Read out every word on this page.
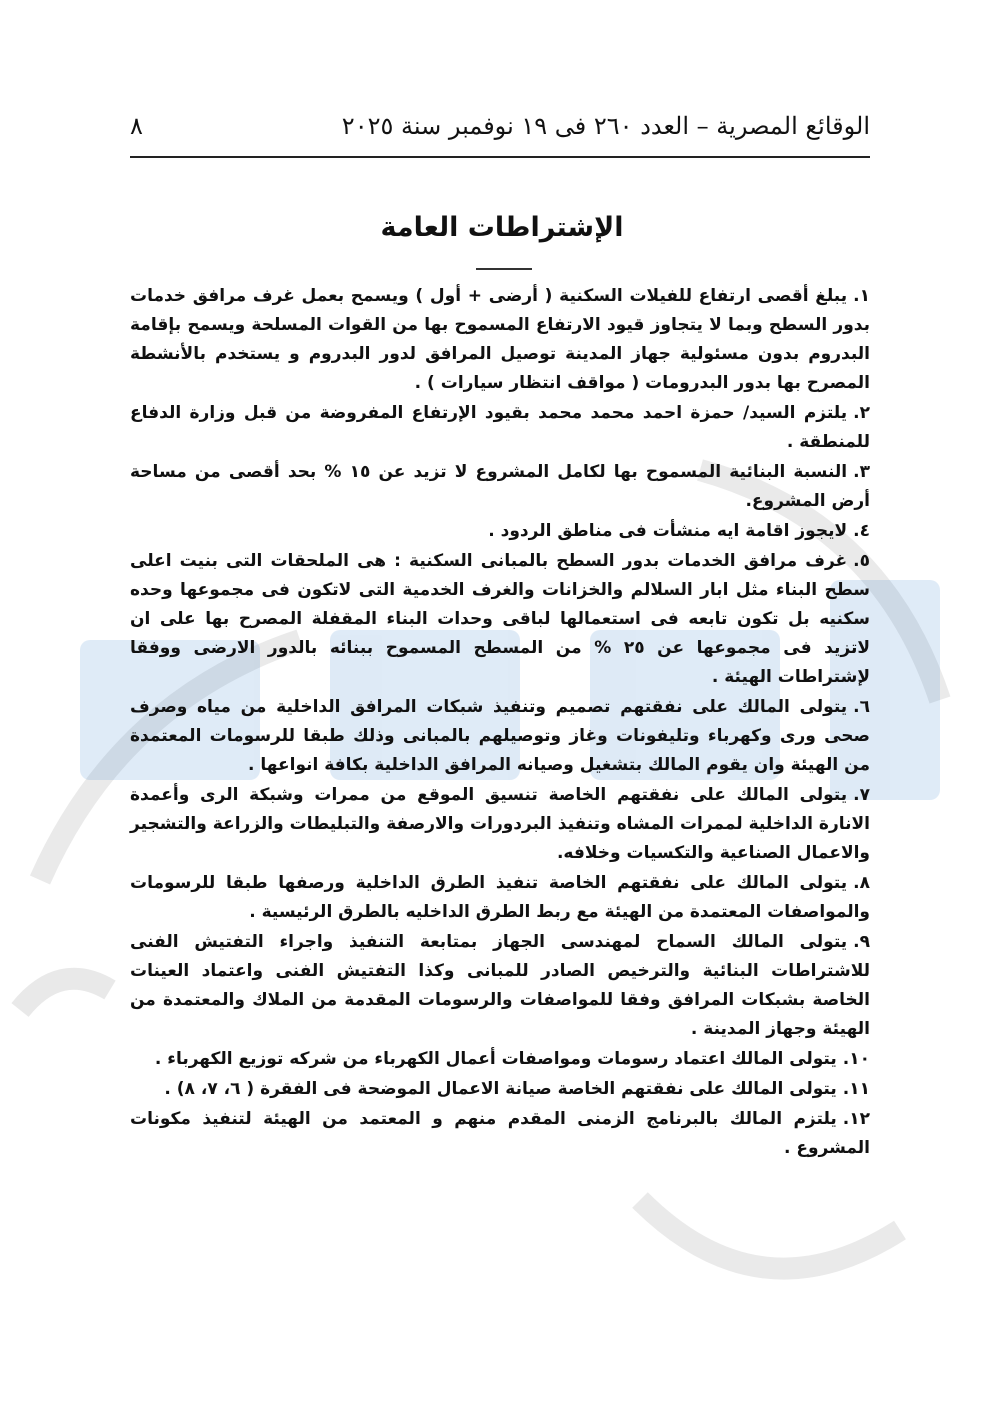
٨	الوقائع المصرية – العدد ٢٦٠ فى ١٩ نوفمبر سنة ٢٠٢٥
الإشتراطات العامة

١.يبلغ أقصى ارتفاع للفيلات السكنية ( أرضى + أول ) ويسمح بعمل غرف مرافق خدمات بدور السطح وبما لا يتجاوز قيود الارتفاع المسموح بها من القوات المسلحة ويسمح بإقامة البدروم بدون مسئولية جهاز المدينة توصيل المرافق لدور البدروم و يستخدم بالأنشطة المصرح بها بدور البدرومات ( مواقف انتظار سيارات ) .

٢.يلتزم السيد/ حمزة احمد محمد محمد بقيود الإرتفاع المفروضة من قبل وزارة الدفاع للمنطقة .

٣.النسبة البنائية المسموح بها لكامل المشروع لا تزيد عن ١٥ % بحد أقصى من مساحة أرض المشروع.

٤.لايجوز اقامة ايه منشأت فى مناطق الردود .

٥.غرف مرافق الخدمات بدور السطح بالمبانى السكنية : هى الملحقات التى بنيت اعلى سطح البناء مثل ابار السلالم والخزانات والغرف الخدمية التى لاتكون فى مجموعها وحده سكنيه بل تكون تابعه فى استعمالها لباقى وحدات البناء المقفلة المصرح بها على ان لاتزيد فى مجموعها عن ٢٥ % من المسطح المسموح ببنائه بالدور الارضى ووفقا لإشتراطات الهيئة .

٦.يتولى المالك على نفقتهم تصميم وتنفيذ شبكات المرافق الداخلية من مياه وصرف صحى ورى وكهرباء وتليفونات وغاز وتوصيلهم بالمبانى وذلك طبقا للرسومات المعتمدة من الهيئة وان يقوم المالك بتشغيل وصيانه المرافق الداخلية بكافة انواعها .

٧.يتولى المالك على نفقتهم الخاصة تنسيق الموقع من ممرات وشبكة الرى وأعمدة الانارة الداخلية لممرات المشاه وتنفيذ البردورات والارصفة والتبليطات والزراعة والتشجير والاعمال الصناعية والتكسيات وخلافه.

٨.يتولى المالك على نفقتهم الخاصة تنفيذ الطرق الداخلية ورصفها طبقا للرسومات والمواصفات المعتمدة من الهيئة مع ربط الطرق الداخليه بالطرق الرئيسية .

٩.يتولى المالك السماح لمهندسى الجهاز بمتابعة التنفيذ واجراء التفتيش الفنى للاشتراطات البنائية والترخيص الصادر للمبانى وكذا التفتيش الفنى واعتماد العينات الخاصة بشبكات المرافق وفقا للمواصفات والرسومات المقدمة من الملاك والمعتمدة من الهيئة وجهاز المدينة .

١٠.يتولى المالك اعتماد رسومات ومواصفات أعمال الكهرباء من شركه توزيع الكهرباء .

١١.يتولى المالك على نفقتهم الخاصة صيانة الاعمال الموضحة فى الفقرة ( ٦، ٧، ٨) .

١٢.يلتزم المالك بالبرنامج الزمنى المقدم منهم و المعتمد من الهيئة لتنفيذ مكونات المشروع .
